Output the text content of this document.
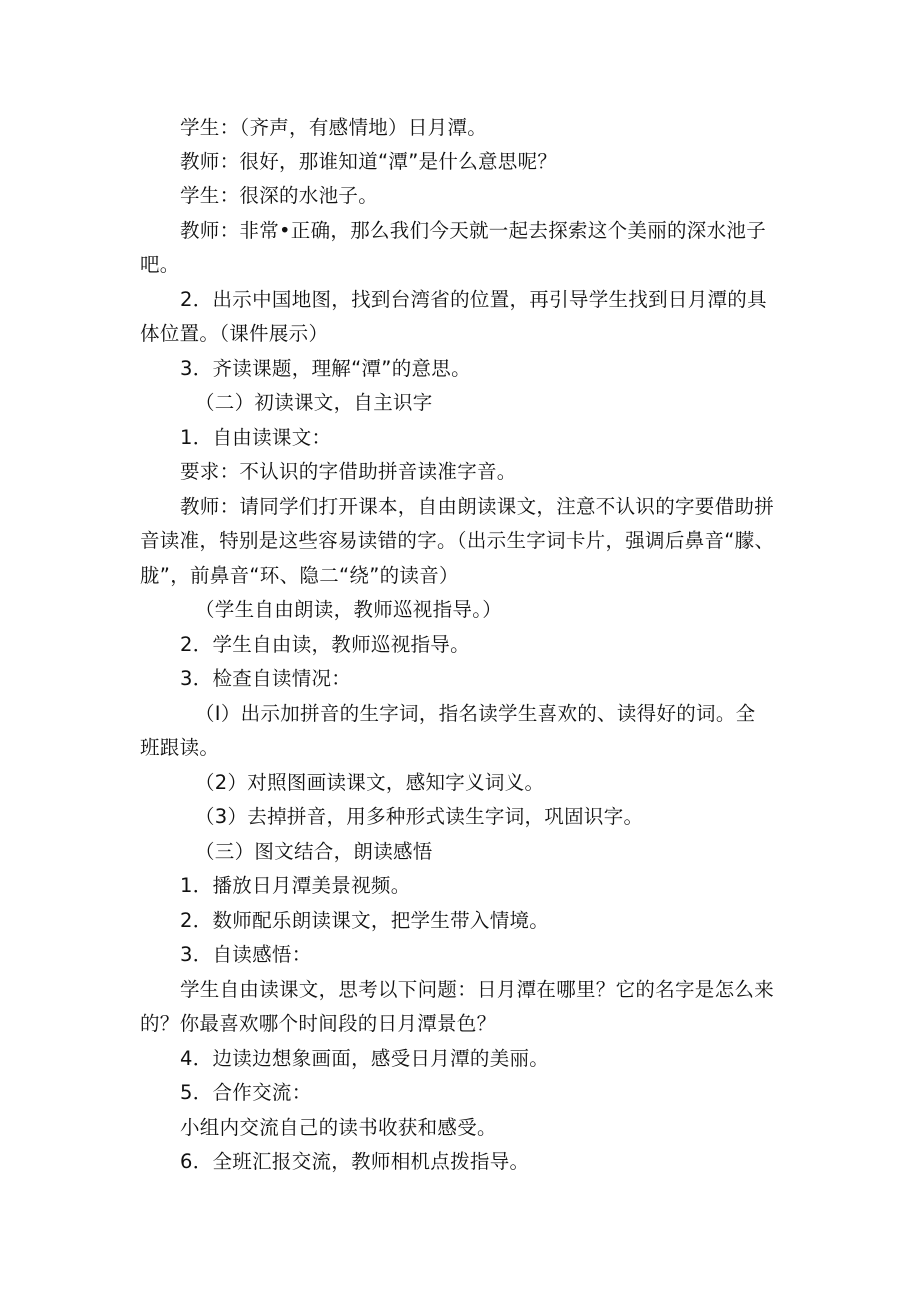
学生：（齐声，有感情地）日月潭。
教师：很好，那谁知道“潭”是什么意思呢？
学生：很深的水池子。
教师：非常•正确，那么我们今天就一起去探索这个美丽的深水池子
吧。
2．出示中国地图，找到台湾省的位置，再引导学生找到日月潭的具
体位置。（课件展示）
3．齐读课题，理解“潭”的意思。
（二）初读课文，自主识字
1．自由读课文：
要求：不认识的字借助拼音读准字音。
教师：请同学们打开课本，自由朗读课文，注意不认识的字要借助拼
音读准，特别是这些容易读错的字。（出示生字词卡片，强调后鼻音“朦、
胧”，前鼻音“环、隐二“绕”的读音）
（学生自由朗读，教师巡视指导。）
2．学生自由读，教师巡视指导。
3．检查自读情况：
（I）出示加拼音的生字词，指名读学生喜欢的、读得好的词。全
班跟读。
（2）对照图画读课文，感知字义词义。
（3）去掉拼音，用多种形式读生字词，巩固识字。
（三）图文结合，朗读感悟
1．播放日月潭美景视频。
2．数师配乐朗读课文，把学生带入情境。
3．自读感悟：
学生自由读课文，思考以下问题：日月潭在哪里？它的名字是怎么来
的？你最喜欢哪个时间段的日月潭景色？
4．边读边想象画面，感受日月潭的美丽。
5．合作交流：
小组内交流自己的读书收获和感受。
6．全班汇报交流，教师相机点拨指导。
